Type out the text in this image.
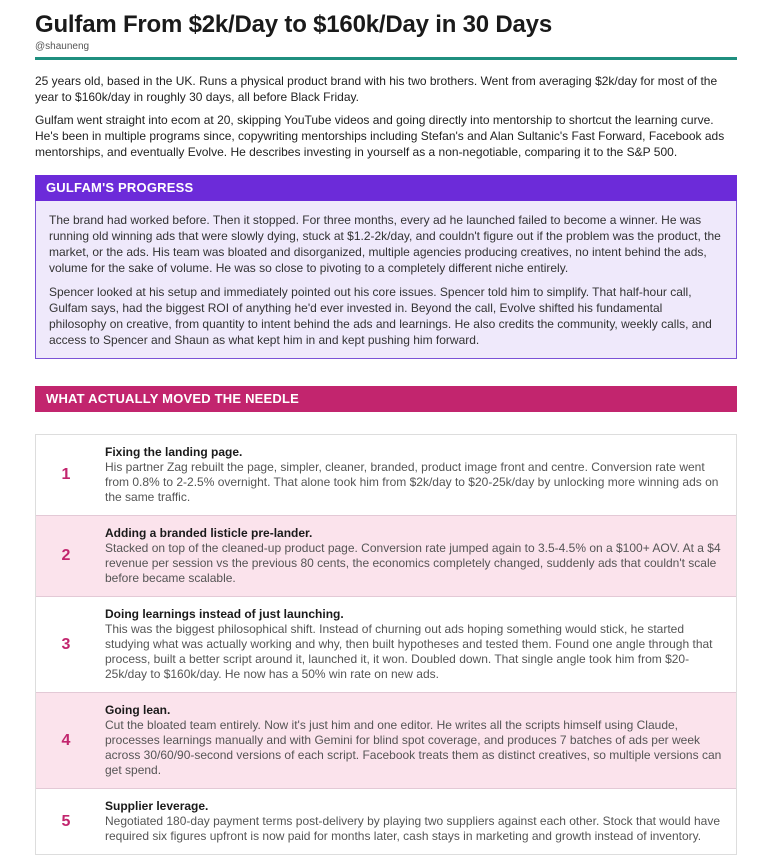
Gulfam From $2k/Day to $160k/Day in 30 Days
@shauneng

25 years old, based in the UK. Runs a physical product brand with his two brothers. Went from averaging $2k/day for most of the year to $160k/day in roughly 30 days, all before Black Friday.

Gulfam went straight into ecom at 20, skipping YouTube videos and going directly into mentorship to shortcut the learning curve. He's been in multiple programs since, copywriting mentorships including Stefan's and Alan Sultanic's Fast Forward, Facebook ads mentorships, and eventually Evolve. He describes investing in yourself as a non-negotiable, comparing it to the S&P 500.

GULFAM'S PROGRESS

The brand had worked before. Then it stopped. For three months, every ad he launched failed to become a winner. He was running old winning ads that were slowly dying, stuck at $1.2-2k/day, and couldn't figure out if the problem was the product, the market, or the ads. His team was bloated and disorganized, multiple agencies producing creatives, no intent behind the ads, volume for the sake of volume. He was so close to pivoting to a completely different niche entirely.

Spencer looked at his setup and immediately pointed out his core issues. Spencer told him to simplify. That half-hour call, Gulfam says, had the biggest ROI of anything he'd ever invested in. Beyond the call, Evolve shifted his fundamental philosophy on creative, from quantity to intent behind the ads and learnings. He also credits the community, weekly calls, and access to Spencer and Shaun as what kept him in and kept pushing him forward.

WHAT ACTUALLY MOVED THE NEEDLE
1
Fixing the landing page.
His partner Zag rebuilt the page, simpler, cleaner, branded, product image front and centre. Conversion rate went from 0.8% to 2-2.5% overnight. That alone took him from $2k/day to $20-25k/day by unlocking more winning ads on the same traffic.
2
Adding a branded listicle pre-lander.
Stacked on top of the cleaned-up product page. Conversion rate jumped again to 3.5-4.5% on a $100+ AOV. At a $4 revenue per session vs the previous 80 cents, the economics completely changed, suddenly ads that couldn't scale before became scalable.
3
Doing learnings instead of just launching.
This was the biggest philosophical shift. Instead of churning out ads hoping something would stick, he started studying what was actually working and why, then built hypotheses and tested them. Found one angle through that process, built a better script around it, launched it, it won. Doubled down. That single angle took him from $20-25k/day to $160k/day. He now has a 50% win rate on new ads.
4
Going lean.
Cut the bloated team entirely. Now it's just him and one editor. He writes all the scripts himself using Claude, processes learnings manually and with Gemini for blind spot coverage, and produces 7 batches of ads per week across 30/60/90-second versions of each script. Facebook treats them as distinct creatives, so multiple versions can get spend.
5
Supplier leverage.
Negotiated 180-day payment terms post-delivery by playing two suppliers against each other. Stock that would have required six figures upfront is now paid for months later, cash stays in marketing and growth instead of inventory.
